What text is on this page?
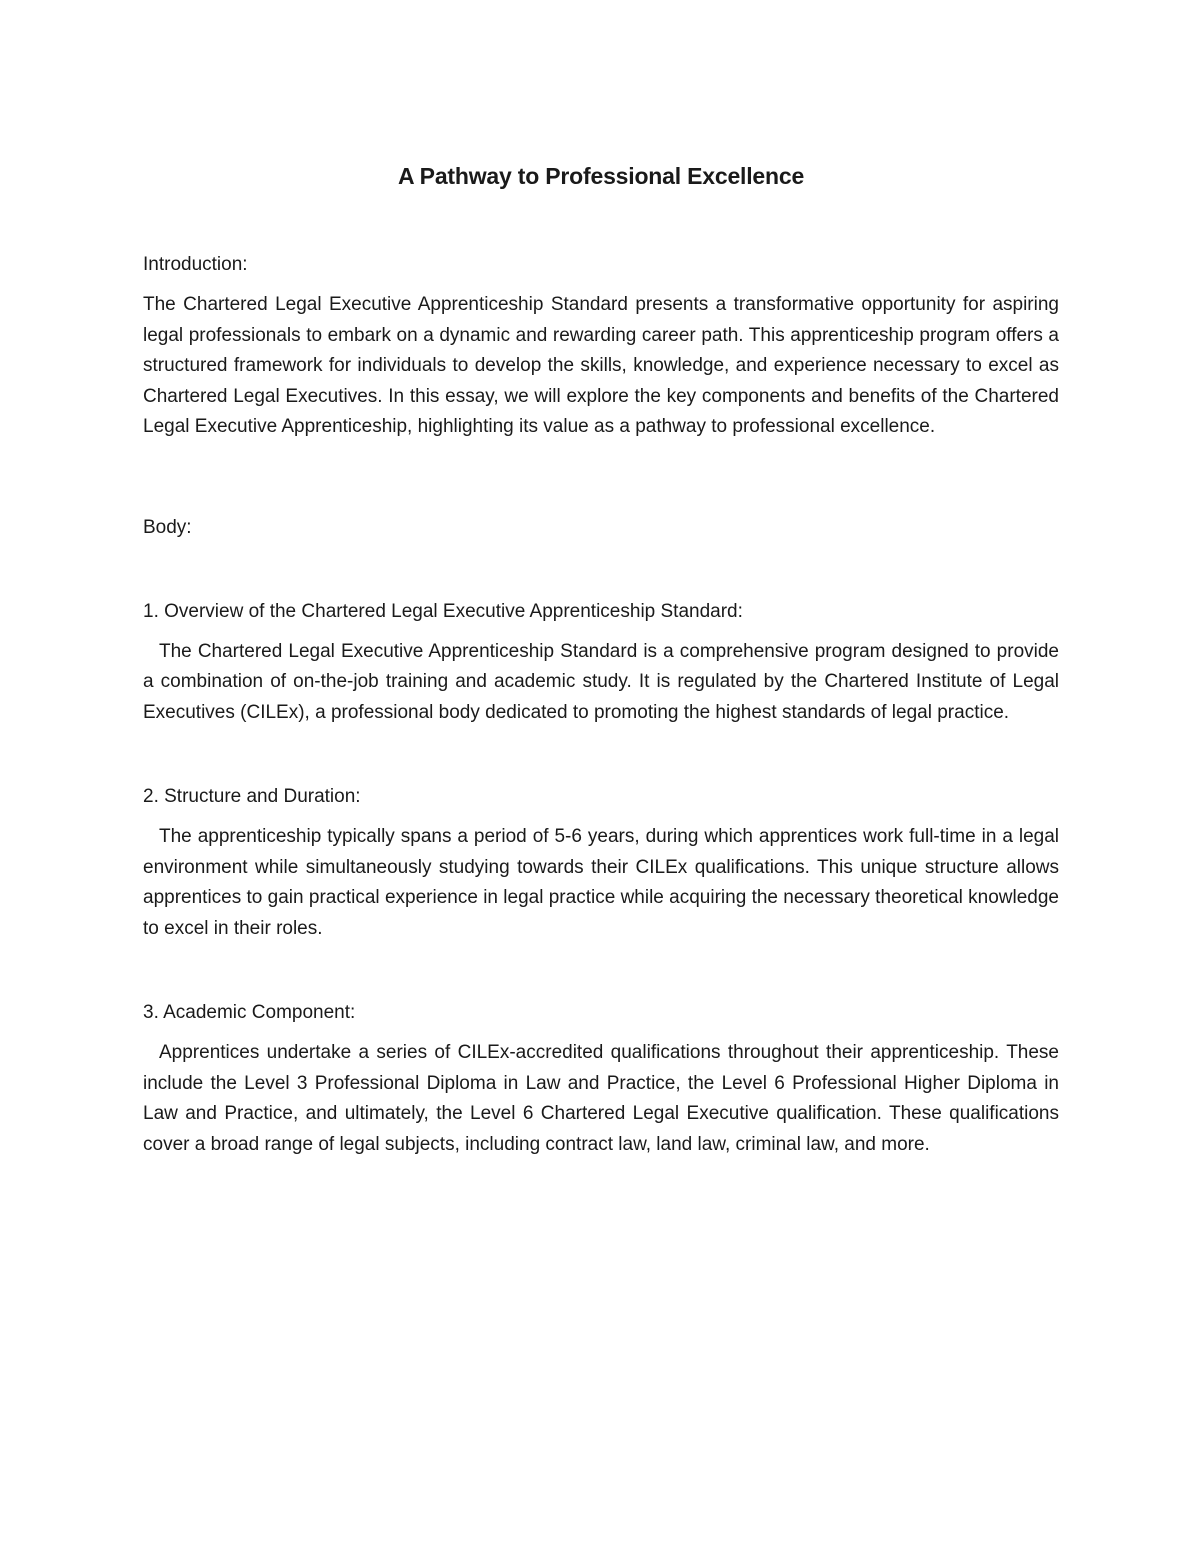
A Pathway to Professional Excellence

Introduction:

The Chartered Legal Executive Apprenticeship Standard presents a transformative opportunity for aspiring legal professionals to embark on a dynamic and rewarding career path. This apprenticeship program offers a structured framework for individuals to develop the skills, knowledge, and experience necessary to excel as Chartered Legal Executives. In this essay, we will explore the key components and benefits of the Chartered Legal Executive Apprenticeship, highlighting its value as a pathway to professional excellence.

Body:

1. Overview of the Chartered Legal Executive Apprenticeship Standard:

The Chartered Legal Executive Apprenticeship Standard is a comprehensive program designed to provide a combination of on-the-job training and academic study. It is regulated by the Chartered Institute of Legal Executives (CILEx), a professional body dedicated to promoting the highest standards of legal practice.

2. Structure and Duration:

The apprenticeship typically spans a period of 5-6 years, during which apprentices work full-time in a legal environment while simultaneously studying towards their CILEx qualifications. This unique structure allows apprentices to gain practical experience in legal practice while acquiring the necessary theoretical knowledge to excel in their roles.

3. Academic Component:

Apprentices undertake a series of CILEx-accredited qualifications throughout their apprenticeship. These include the Level 3 Professional Diploma in Law and Practice, the Level 6 Professional Higher Diploma in Law and Practice, and ultimately, the Level 6 Chartered Legal Executive qualification. These qualifications cover a broad range of legal subjects, including contract law, land law, criminal law, and more.
